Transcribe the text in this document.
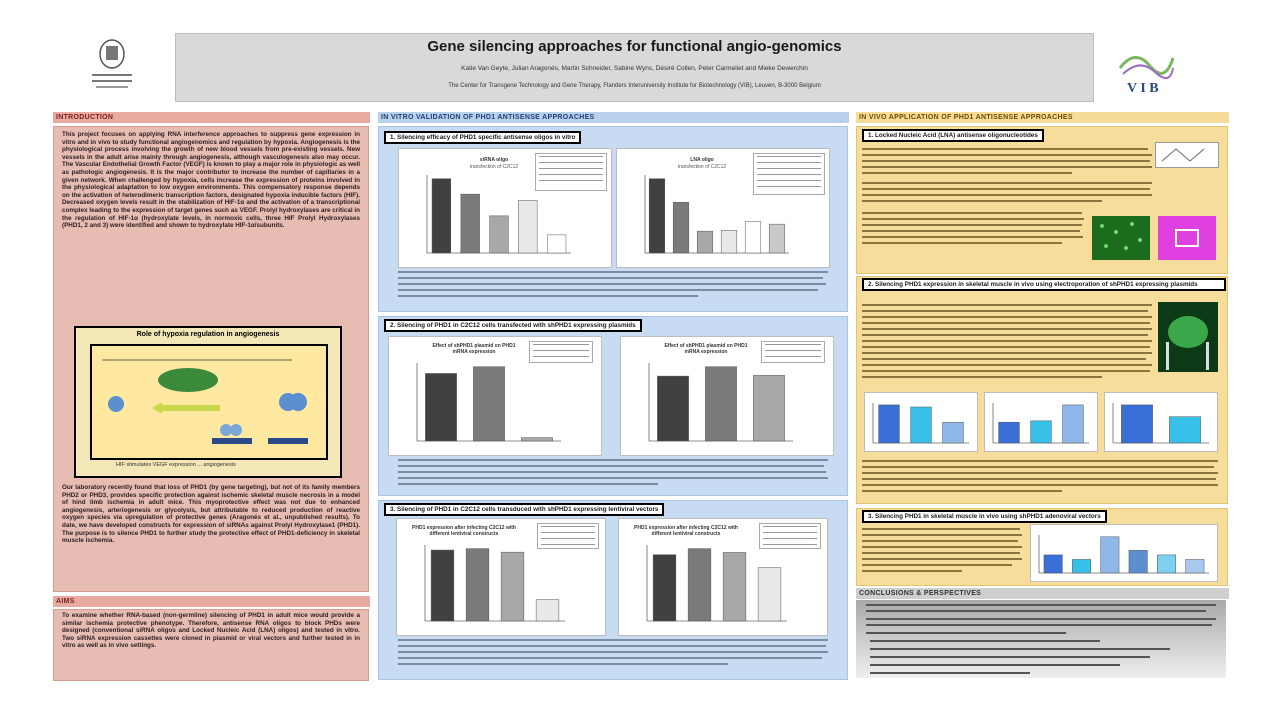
Gene silencing approaches for functional angio-genomics
Katie Van Geyte, Julian Aragonés, Martin Schneider, Sabine Wyns, Désiré Collen, Peter Carmeliet and Mieke Dewerchin
The Center for Transgene Technology and Gene Therapy, Flanders Interuniversity Institute for Biotechnology (VIB), Leuven, B-3000 Belgium	V I B
INTRODUCTION
This project focuses on applying RNA interference approaches to suppress gene expression in vitro and in vivo to study functional angiogenomics and regulation by hypoxia. Angiogenesis is the physiological process involving the growth of new blood vessels from pre-existing vessels. New vessels in the adult arise mainly through angiogenesis, although vasculogenesis also may occur. The Vascular Endothelial Growth Factor (VEGF) is known to play a major role in physiologic as well as pathologic angiogenesis. It is the major contributor to increase the number of capillaries in a given network. When challenged by hypoxia, cells increase the expression of proteins involved in the physiological adaptation to low oxygen environments. This compensatory response depends on the activation of heterodimeric transcription factors, designated hypoxia inducible factors (HIF). Decreased oxygen levels result in the stabilization of HIF-1α and the activation of a transcriptional complex leading to the expression of target genes such as VEGF. Prolyl hydroxylases are critical in the regulation of HIF-1α (hydroxylate levels, in normoxic cells, three HIF Prolyl Hydroxylases (PHD1, 2 and 3) were identified and shown to hydroxylate HIF-1α/subunits.
Role of hypoxia regulation in angiogenesis
HIF stimulates VEGF expression ... angiogenesis
Our laboratory recently found that loss of PHD1 (by gene targeting), but not of its family members PHD2 or PHD3, provides specific protection against ischemic skeletal muscle necrosis in a model of hind limb ischemia in adult mice. This myoprotective effect was not due to enhanced angiogenesis, arteriogenesis or glycolysis, but attributable to reduced production of reactive oxygen species via upregulation of protective genes (Aragonés et al., unpublished results). To date, we have developed constructs for expression of siRNAs against Prolyl Hydroxylase1 (PHD1). The purpose is to silence PHD1 to further study the protective effect of PHD1-deficiency in skeletal muscle ischemia.
AIMS
To examine whether RNA-based (non-germline) silencing of PHD1 in adult mice would provide a similar ischemia protective phenotype. Therefore, antisense RNA oligos to block PHDs were designed (conventional siRNA oligos and Locked Nucleic Acid (LNA) oligos) and tested in vitro. Two siRNA expression cassettes were cloned in plasmid or viral vectors and further tested in in vitro as well as in vivo settings.
IN VITRO VALIDATION OF PHD1 ANTISENSE APPROACHES
1. Silencing efficacy of PHD1 specific antisense oligos in vitro
siRNA oligo
transfection of C2C12
LNA oligo
transfection of C2C12
2. Silencing of PHD1 in C2C12 cells transfected with shPHD1 expressing plasmids
Effect of shPHD1 plasmid on PHD1 mRNA expression
Effect of shPHD1 plasmid on PHD1 mRNA expression
3. Silencing of PHD1 in C2C12 cells transduced with shPHD1 expressing lentiviral vectors
PHD1 expression after infecting C2C12 with different lentiviral constructs
PHD1 expression after infecting C2C12 with different lentiviral constructs
IN VIVO APPLICATION OF PHD1 ANTISENSE APPROACHES
1. Locked Nucleic Acid (LNA) antisense oligonucleotides
2. Silencing PHD1 expression in skeletal muscle in vivo using electroporation of shPHD1 expressing plasmids
3. Silencing PHD1 in skeletal muscle in vivo using shPHD1 adenoviral vectors
CONCLUSIONS & PERSPECTIVES
